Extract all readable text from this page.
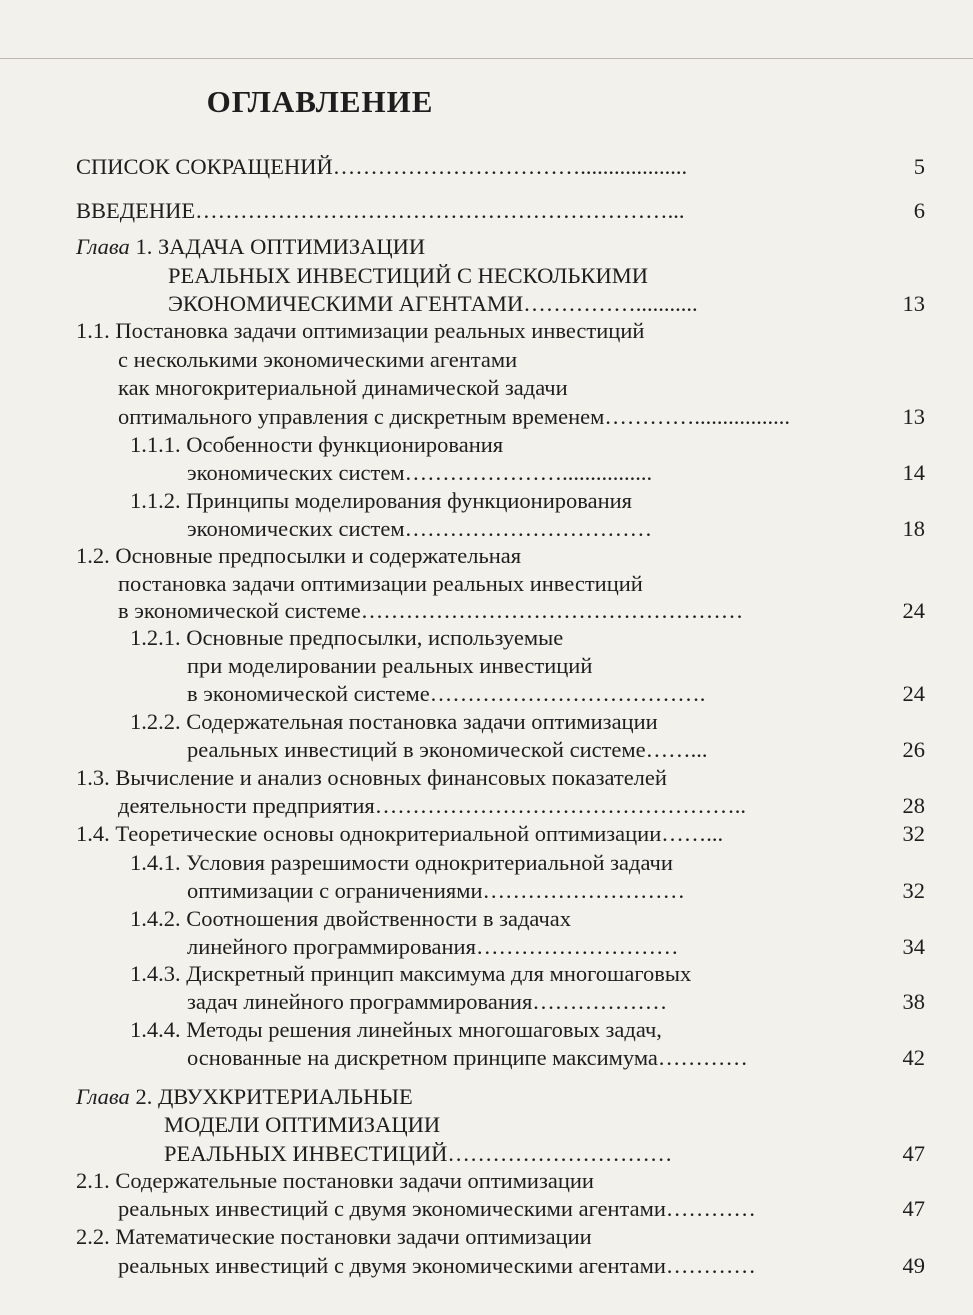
ОГЛАВЛЕНИЕ
СПИСОК СОКРАЩЕНИЙ……………………………...................	5
ВВЕДЕНИЕ………………………………………………………...	6
Глава 1. ЗАДАЧА ОПТИМИЗАЦИИ
РЕАЛЬНЫХ ИНВЕСТИЦИЙ С НЕСКОЛЬКИМИ
ЭКОНОМИЧЕСКИМИ АГЕНТАМИ……………...........	13
1.1. Постановка задачи оптимизации реальных инвестиций
с несколькими экономическими агентами
как многокритериальной динамической задачи
оптимального управления с дискретным временем………….................	13
1.1.1. Особенности функционирования
экономических систем…………………................	14
1.1.2. Принципы моделирования функционирования
экономических систем……………………………	18
1.2. Основные предпосылки и содержательная
постановка задачи оптимизации реальных инвестиций
в экономической системе……………………………………………	24
1.2.1. Основные предпосылки, используемые
при моделировании реальных инвестиций
в экономической системе……………………………….	24
1.2.2. Содержательная постановка задачи оптимизации
реальных инвестиций в экономической системе……...	26
1.3. Вычисление и анализ основных финансовых показателей
деятельности предприятия…………………………………………..	28
1.4. Теоретические основы однокритериальной оптимизации……...	32
1.4.1. Условия разрешимости однокритериальной задачи
оптимизации с ограничениями………………………	32
1.4.2. Соотношения двойственности в задачах
линейного программирования………………………	34
1.4.3. Дискретный принцип максимума для многошаговых
задач линейного программирования………………	38
1.4.4. Методы решения линейных многошаговых задач,
основанные на дискретном принципе максимума…………	42
Глава 2. ДВУХКРИТЕРИАЛЬНЫЕ
МОДЕЛИ ОПТИМИЗАЦИИ
РЕАЛЬНЫХ ИНВЕСТИЦИЙ…………………………	47
2.1. Содержательные постановки задачи оптимизации
реальных инвестиций с двумя экономическими агентами…………	47
2.2. Математические постановки задачи оптимизации
реальных инвестиций с двумя экономическими агентами…………	49
